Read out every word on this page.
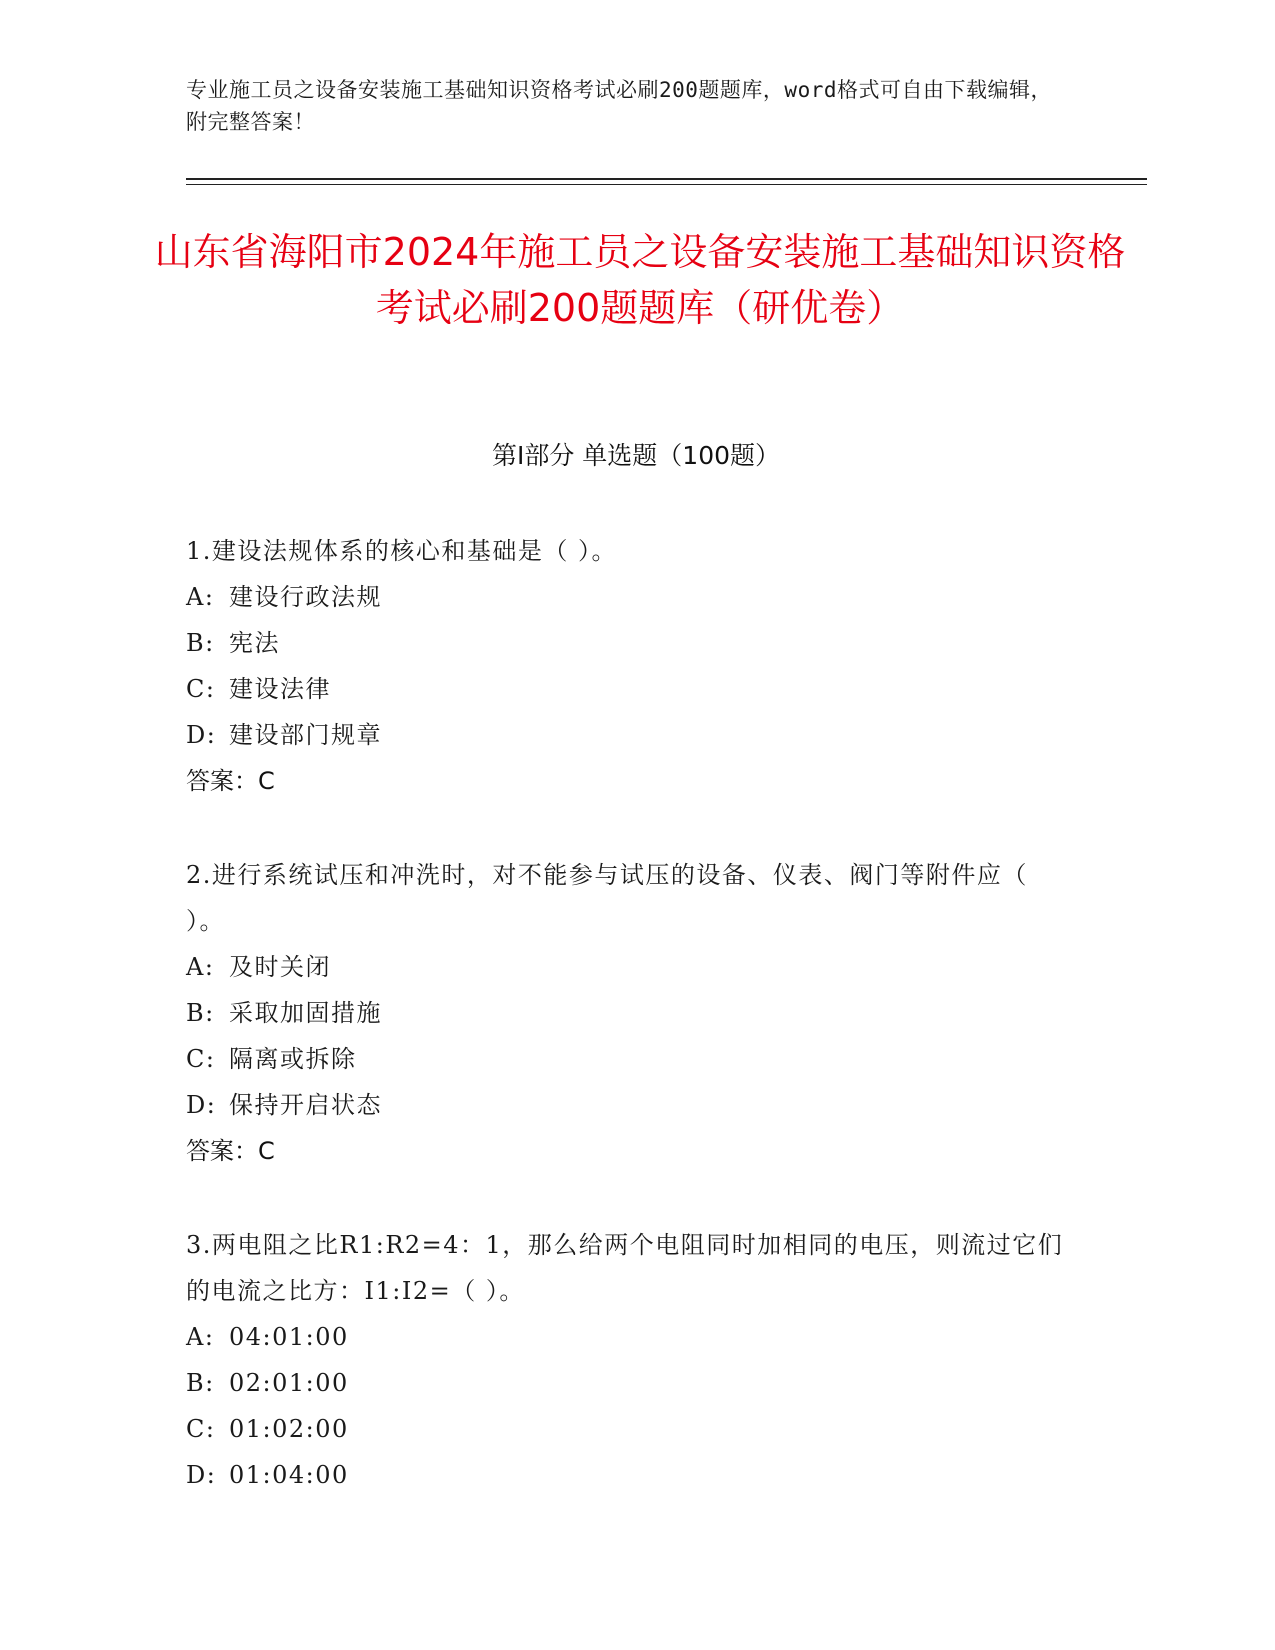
专业施工员之设备安装施工基础知识资格考试必刷200题题库，word格式可自由下载编辑，附完整答案！
山东省海阳市2024年施工员之设备安装施工基础知识资格考试必刷200题题库（研优卷）
第Ⅰ部分 单选题（100题）
1.建设法规体系的核心和基础是（ ）。
A: 建设行政法规
B: 宪法
C: 建设法律
D: 建设部门规章
答案：C
2.进行系统试压和冲洗时，对不能参与试压的设备、仪表、阀门等附件应（ ）。
A: 及时关闭
B: 采取加固措施
C: 隔离或拆除
D: 保持开启状态
答案：C
3.两电阻之比R1:R2=4：1，那么给两个电阻同时加相同的电压，则流过它们的电流之比方：I1:I2=（ ）。
A: 04:01:00
B: 02:01:00
C: 01:02:00
D: 01:04:00
